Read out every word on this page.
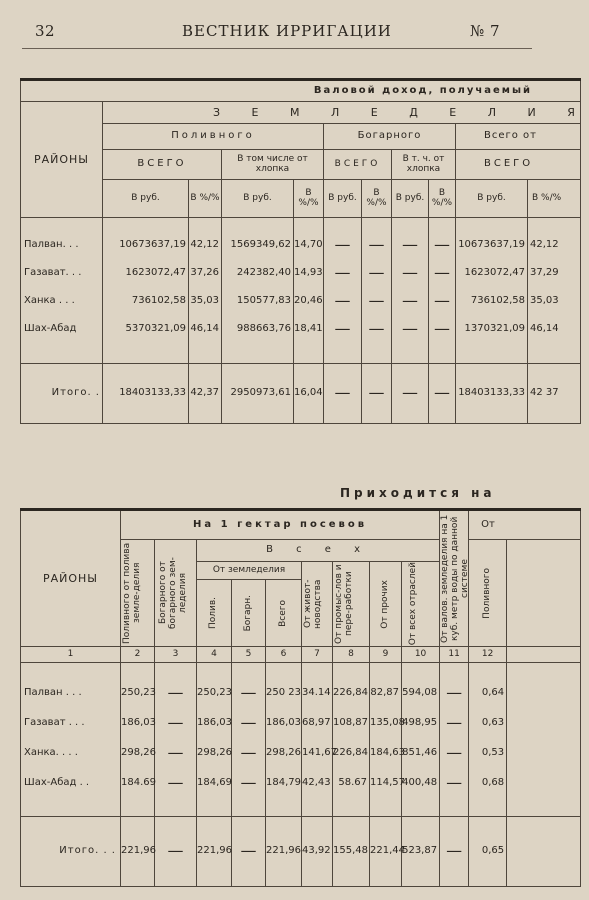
32	ВЕСТНИК ИРРИГАЦИИ	№ 7
Валовой доход, получаемый										
РАЙОНЫ	З Е М Л Е Д Е Л И Я									
	Поливного				Богарного				Всего от	
	ВСЕГО		В том числе от хлопка		ВСЕГО		В т. ч. от хлопка		ВСЕГО	
	В руб.	В %/%	В руб.	В %/%	В руб.	В %/%	В руб.	В %/%	В руб.	В %/%

Палван. . .	10673637,19	42,12	1569349,62	14,70	—	—	—	—	10673637,19	42,12
Газават. . .	1623072,47	37,26	242382,40	14,93	—	—	—	—	1623072,47	37,29
Ханка . . .	736102,58	35,03	150577,83	20,46	—	—	—	—	736102,58	35,03
Шах-Абад	5370321,09	46,14	988663,76	18,41	—	—	—	—	1370321,09	46,14

Итого. .	18403133,33	42,37	2950973,61	16,04	—	—	—	—	18403133,33	42 37
Приходится на
РАЙОНЫ	На 1 гектар посевов									От валов. земледелия на 1 куб. метр воды по данной системе	От	

	Поливного от полива земле-делия	Богарного от богарного зем-леделия	В с е х								Поливного	

			От земледелия			От живот-новодства	От промыс-лов и пере-работки	От прочих	От всех отраслей			

			Полив.	Богарн.	Всего							

1	2	3	4	5	6	7	8	9	10	11	12	

Палван . . .	250,23	—	250,23	—	250 23	34.14	226,84	82,87	594,08	—	0,64	
Газават . . .	186,03	—	186,03	—	186,03	68,97	108,87	135,08	498,95	—	0,63	
Ханка. . . .	298,26	—	298,26	—	298,26	141,67	226,84	184,63	851,46	—	0,53	
Шах-Абад . .	184.69	—	184,69	—	184,79	42,43	58.67	114,57	400,48	—	0,68	

Итого. . .	221,96	—	221,96	—	221,96	43,92	155,48	221,44	523,87	—	0,65	
